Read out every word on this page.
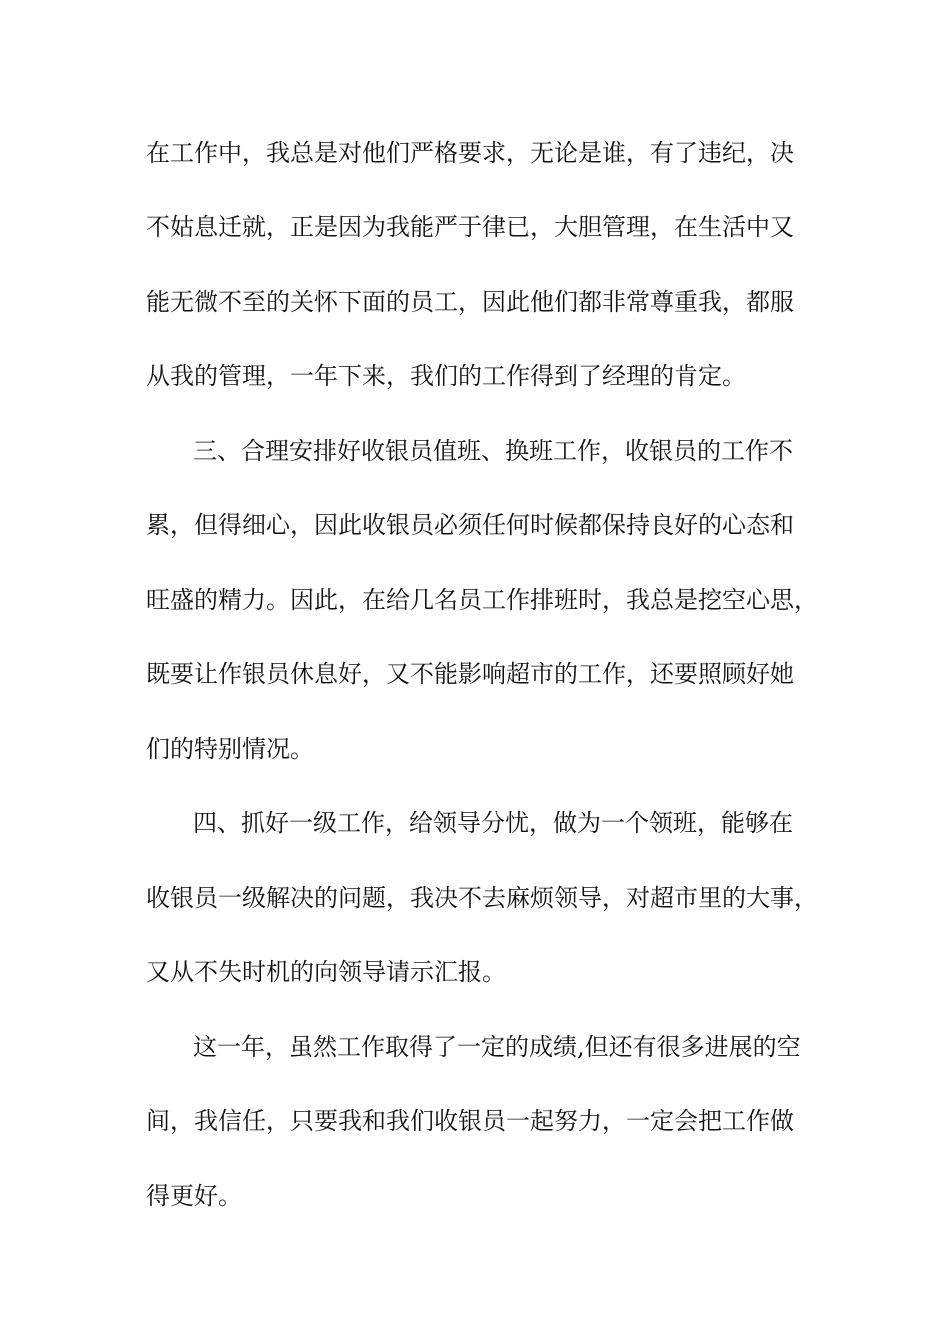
在工作中，我总是对他们严格要求，无论是谁，有了违纪，决
不姑息迁就，正是因为我能严于律已，大胆管理，在生活中又
能无微不至的关怀下面的员工，因此他们都非常尊重我，都服
从我的管理，一年下来，我们的工作得到了经理的肯定。
三、合理安排好收银员值班、换班工作，收银员的工作不
累，但得细心，因此收银员必须任何时候都保持良好的心态和
旺盛的精力。因此，在给几名员工作排班时，我总是挖空心思，
既要让作银员休息好，又不能影响超市的工作，还要照顾好她
们的特别情况。
四、抓好一级工作，给领导分忧，做为一个领班，能够在
收银员一级解决的问题，我决不去麻烦领导，对超市里的大事，
又从不失时机的向领导请示汇报。
这一年，虽然工作取得了一定的成绩,但还有很多进展的空
间，我信任，只要我和我们收银员一起努力，一定会把工作做
得更好。
